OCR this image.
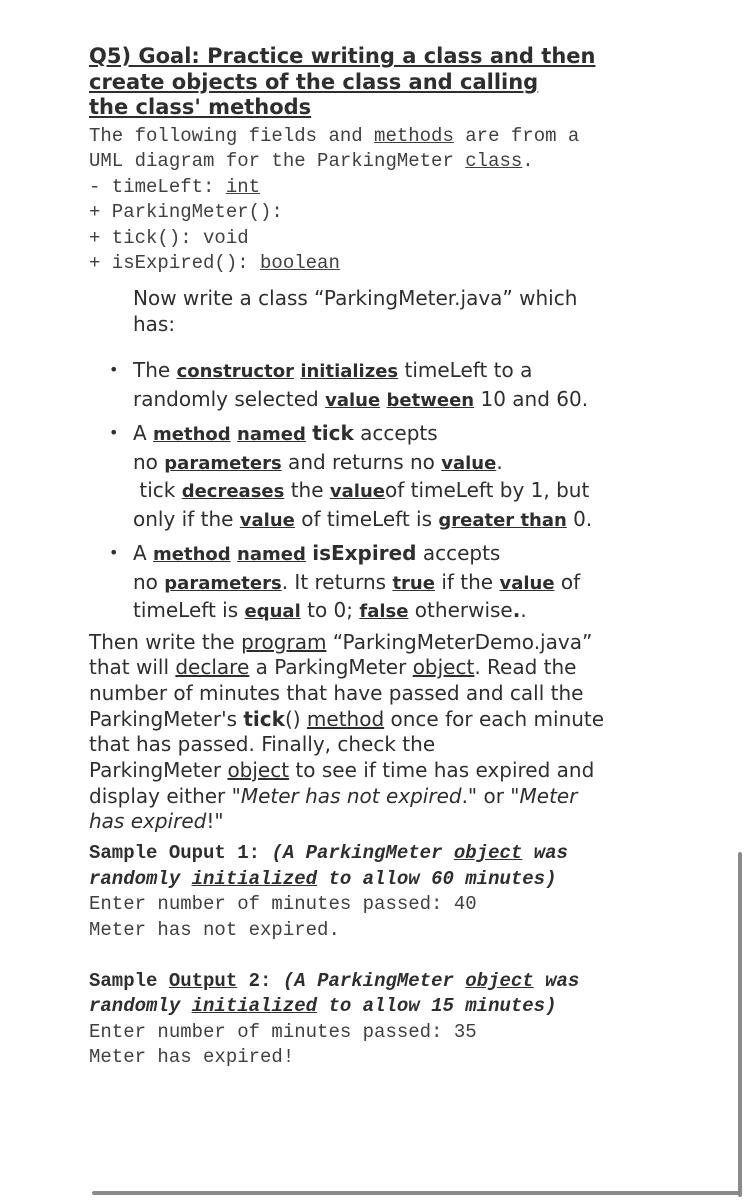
Q5) Goal: Practice writing a class and then
create objects of the class and calling
the class' methods
The following fields and methods are from a
UML diagram for the ParkingMeter class.
- timeLeft: int
+ ParkingMeter():
+ tick(): void
+ isExpired(): boolean
Now write a class “ParkingMeter.java” which
has:
• The constructor initializes timeLeft to a
randomly selected value between 10 and 60.
• A method named tick accepts
no parameters and returns no value.
tick decreases the valueof timeLeft by 1, but
only if the value of timeLeft is greater than 0.
• A method named isExpired accepts
no parameters. It returns true if the value of
timeLeft is equal to 0; false otherwise..
Then write the program “ParkingMeterDemo.java”
that will declare a ParkingMeter object. Read the
number of minutes that have passed and call the
ParkingMeter's tick() method once for each minute
that has passed. Finally, check the
ParkingMeter object to see if time has expired and
display either "Meter has not expired." or "Meter
has expired!"
Sample Ouput 1: (A ParkingMeter object was
randomly initialized to allow 60 minutes)
Enter number of minutes passed: 40
Meter has not expired.
Sample Output 2: (A ParkingMeter object was
randomly initialized to allow 15 minutes)
Enter number of minutes passed: 35
Meter has expired!
